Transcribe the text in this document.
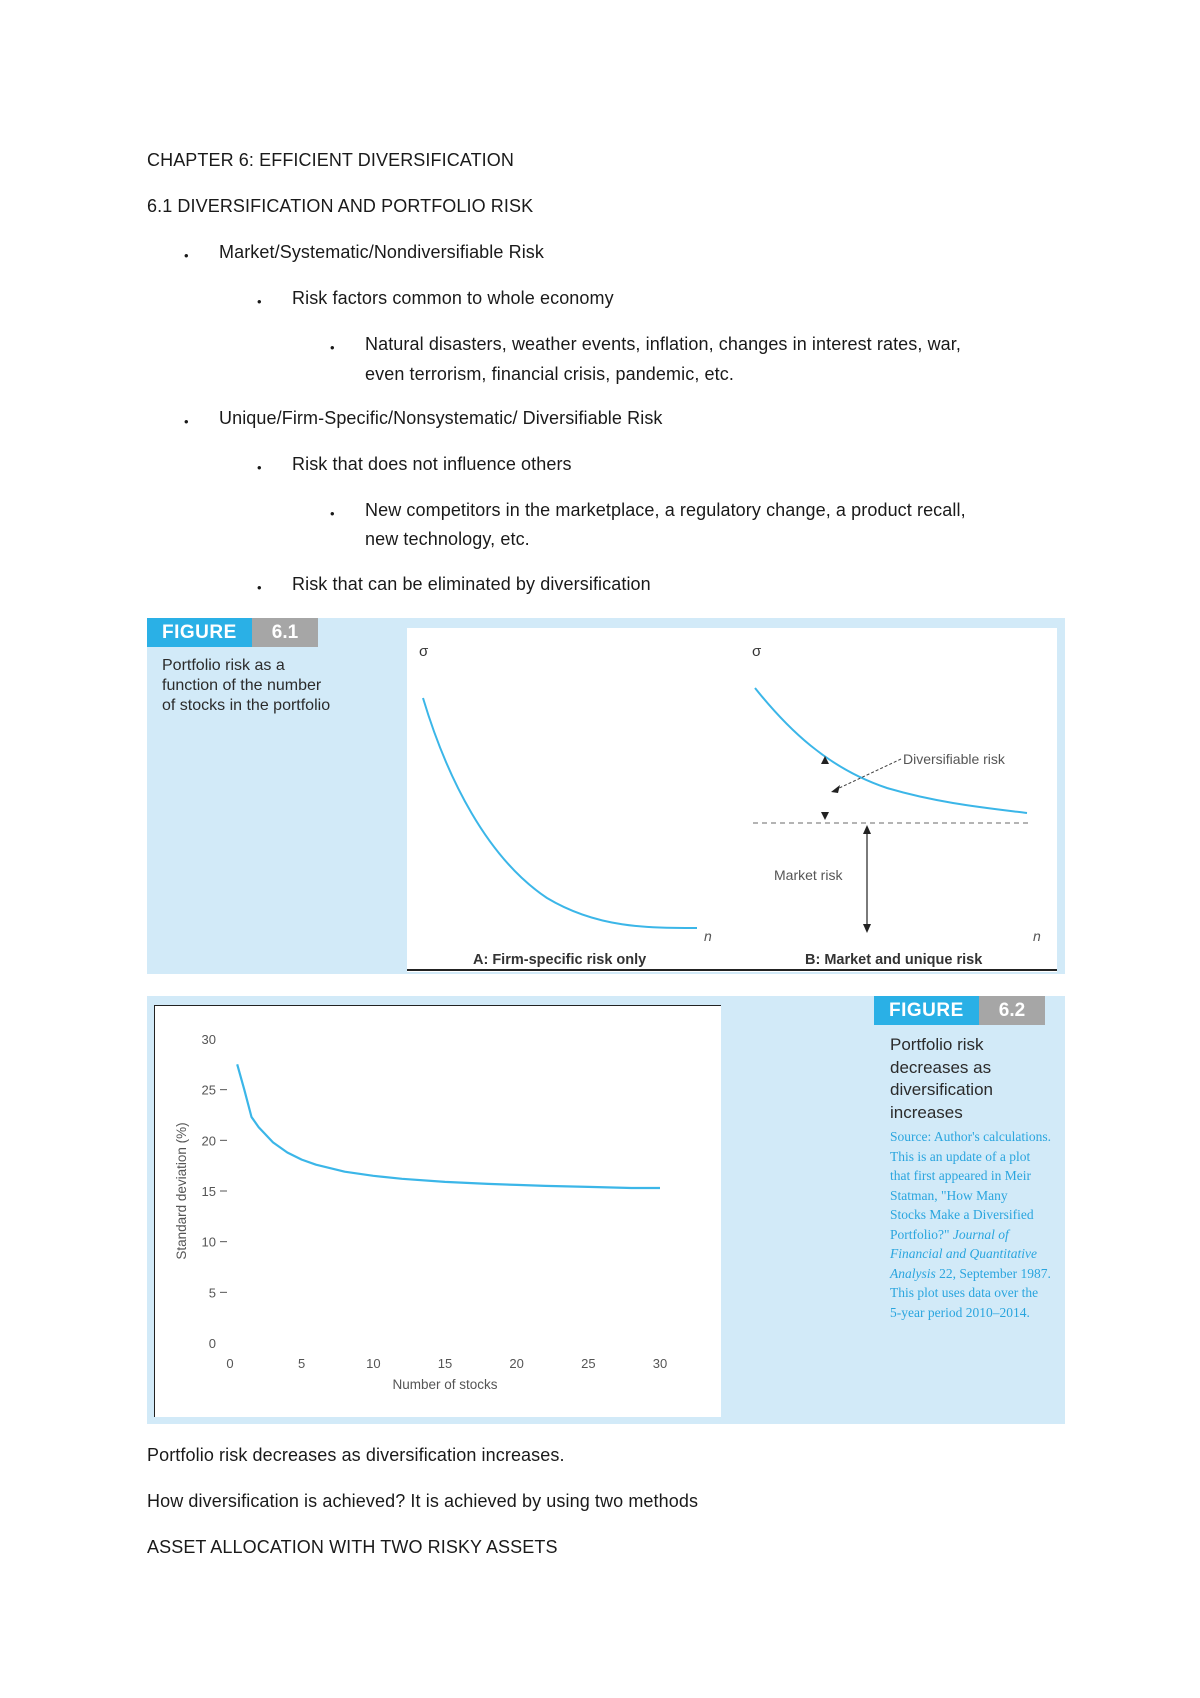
CHAPTER 6: EFFICIENT DIVERSIFICATION
6.1 DIVERSIFICATION AND PORTFOLIO RISK
• Market/Systematic/Nondiversifiable Risk
• Risk factors common to whole economy
• Natural disasters, weather events, inflation, changes in interest rates, war,
even terrorism, financial crisis, pandemic, etc.
• Unique/Firm-Specific/Nonsystematic/ Diversifiable Risk
• Risk that does not influence others
• New competitors in the marketplace, a regulatory change, a product recall,
new technology, etc.
• Risk that can be eliminated by diversification
FIGURE	6.1
Portfolio risk as a
function of the number
of stocks in the portfolio
σ
n
A: Firm-specific risk only
σ
Diversifiable risk
Market risk
n
B: Market and unique risk
0
5
10
15
20
25
30
0	5	10	15	20	25	30
Number of stocks
Standard deviation (%)
FIGURE	6.2
Portfolio risk
decreases as
diversification
increases
Source: Author's calculations.
This is an update of a plot
that first appeared in Meir
Statman, "How Many
Stocks Make a Diversified
Portfolio?" Journal of
Financial and Quantitative
Analysis 22, September 1987.
This plot uses data over the
5-year period 2010–2014.
Portfolio risk decreases as diversification increases.
How diversification is achieved? It is achieved by using two methods
ASSET ALLOCATION WITH TWO RISKY ASSETS
